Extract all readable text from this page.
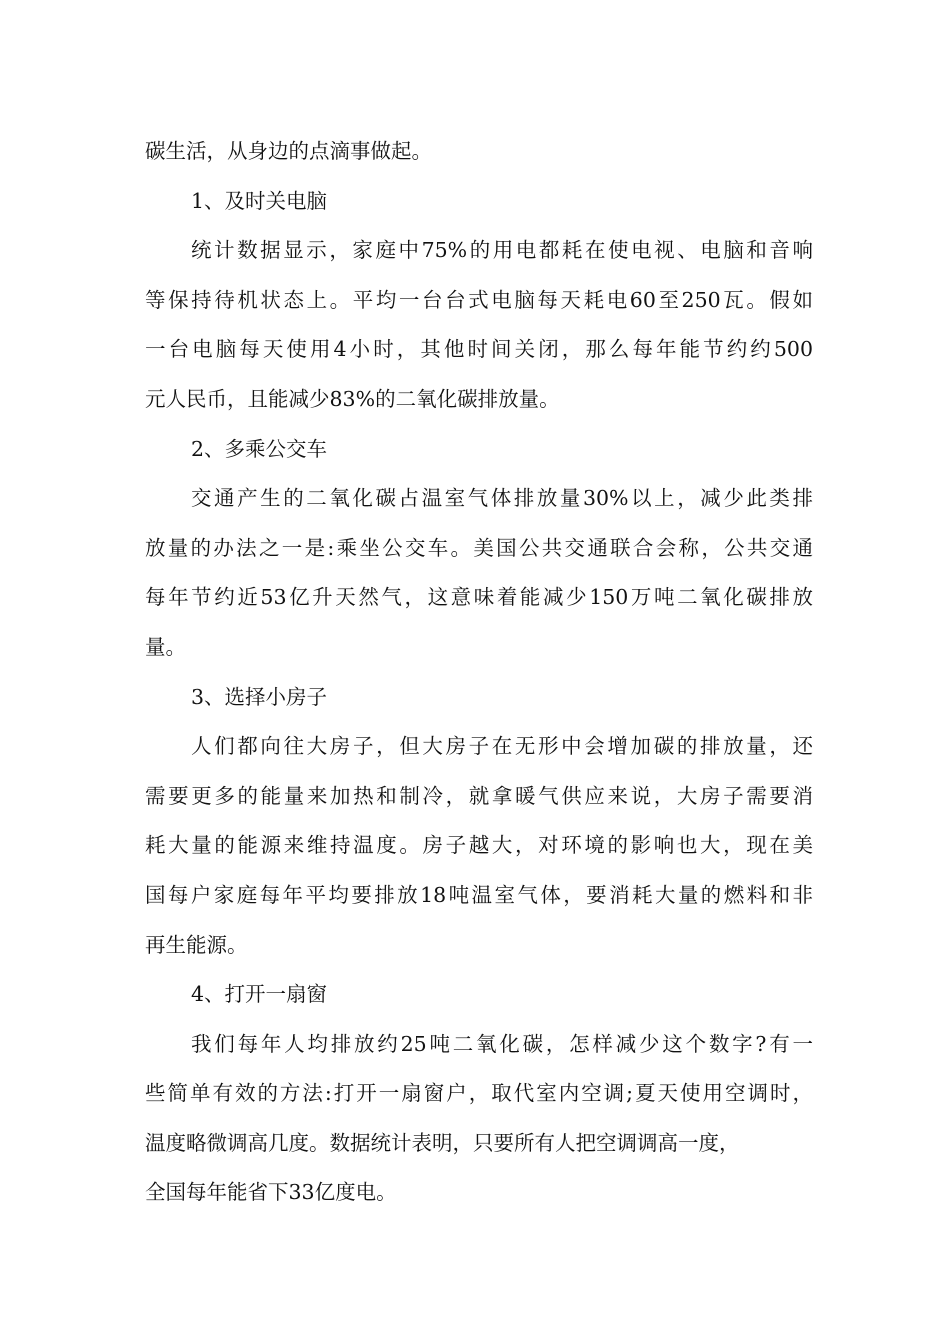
碳生活，从身边的点滴事做起。
1、及时关电脑
统计数据显示，家庭中75%的用电都耗在使电视、电脑和音响
等保持待机状态上。平均一台台式电脑每天耗电60至250瓦。假如
一台电脑每天使用4小时，其他时间关闭，那么每年能节约约500
元人民币，且能减少83%的二氧化碳排放量。
2、多乘公交车
交通产生的二氧化碳占温室气体排放量30%以上，减少此类排
放量的办法之一是:乘坐公交车。美国公共交通联合会称，公共交通
每年节约近53亿升天然气，这意味着能减少150万吨二氧化碳排放
量。
3、选择小房子
人们都向往大房子，但大房子在无形中会增加碳的排放量，还
需要更多的能量来加热和制冷，就拿暖气供应来说，大房子需要消
耗大量的能源来维持温度。房子越大，对环境的影响也大，现在美
国每户家庭每年平均要排放18吨温室气体，要消耗大量的燃料和非
再生能源。
4、打开一扇窗
我们每年人均排放约25吨二氧化碳，怎样减少这个数字?有一
些简单有效的方法:打开一扇窗户，取代室内空调;夏天使用空调时，
温度略微调高几度。数据统计表明，只要所有人把空调调高一度，
全国每年能省下33亿度电。
